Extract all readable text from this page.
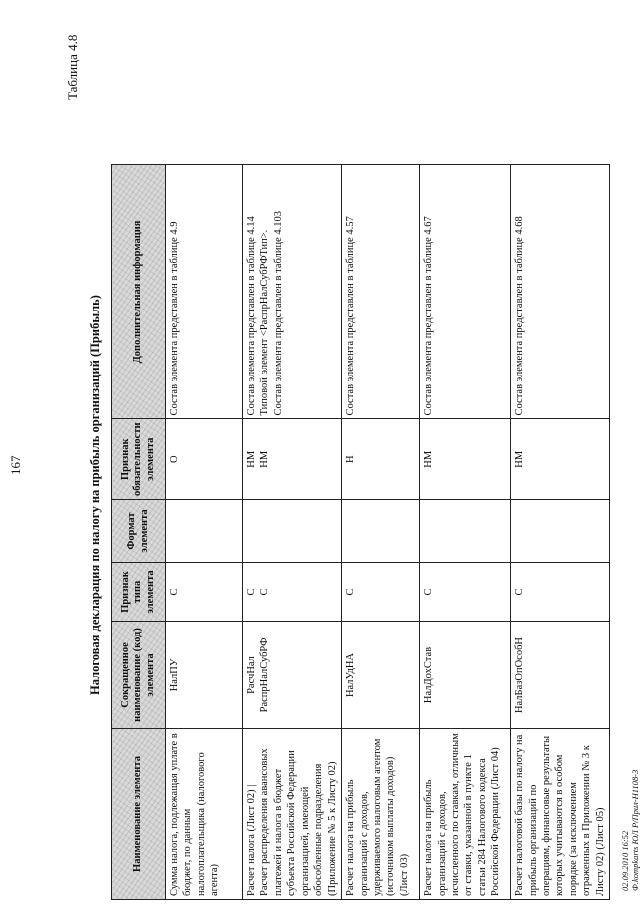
167
Таблица 4.8
Налоговая декларация по налогу на прибыль организаций (Прибыль)
Наименование элемента	Сокращенное наименование (код) элемента	Признак типа элемента	Формат элемента	Признак обязательности элемента	Дополнительная информация
Сумма налога, подлежащая уплате в бюджет, по данным налогоплательщика (налогового агента)	НалПУ	С		О	Состав элемента представлен в таблице 4.9

Расчет налога (Лист 02) | Расчет распределения авансовых платежей и налога в бюджет субъекта Российской Федерации организацией, имеющей обособленные подразделения (Приложение № 5 к Листу 02)	РасчНал РаспрНалСубРФ	С С		НМ НМ	Состав элемента представлен в таблице 4.14 Типовой элемент <РаспрНалСубРФТип>. Состав элемента представлен в таблице 4.103

Расчет налога на прибыль организаций с доходов, удерживаемого налоговым агентом (источником выплаты доходов) (Лист 03)	НалУдНА	С		Н	Состав элемента представлен в таблице 4.57

Расчет налога на прибыль организаций с доходов, исчисленного по ставкам, отличным от ставки, указанной в пункте 1 статьи 284 Налогового кодекса Российской Федерации (Лист 04)	НалДохСтав	С		НМ	Состав элемента представлен в таблице 4.67

Расчет налоговой базы по налогу на прибыль организаций по операциям, финансовые результаты которых учитываются в особом порядке (за исключением отраженных в Приложении № 3 к Листу 02) (Лист 05)	НалБазОпОсобН	С		НМ	Состав элемента представлен в таблице 4.68
02.09.2010 16:52 Ф.kompkarts ЮЛ Р/Прил-Н1108-3
